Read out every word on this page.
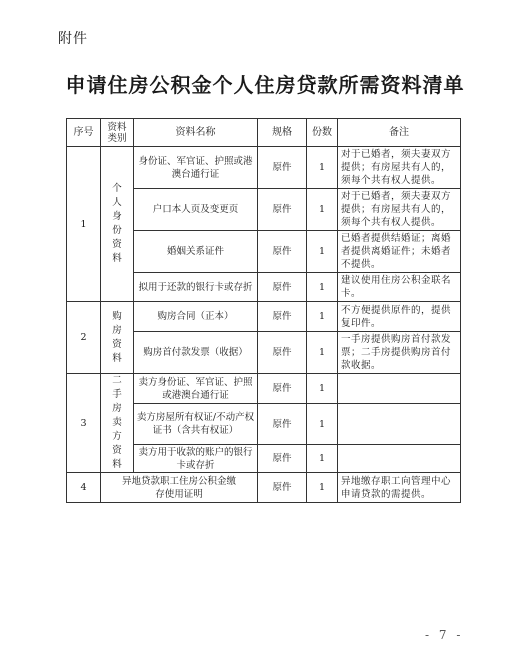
附件
申请住房公积金个人住房贷款所需资料清单
序号	资料类别	资料名称	规格	份数	备注
1	个人身份资料	身份证、军官证、护照或港澳台通行证	原件	1	对于已婚者，须夫妻双方提供；有房屋共有人的，须每个共有权人提供。
		户口本人页及变更页	原件	1	对于已婚者，须夫妻双方提供；有房屋共有人的，须每个共有权人提供。
		婚姻关系证件	原件	1	已婚者提供结婚证；离婚者提供离婚证件；未婚者不提供。
		拟用于还款的银行卡或存折	原件	1	建议使用住房公积金联名卡。
2	购房资料	购房合同（正本）	原件	1	不方便提供原件的，提供复印件。
		购房首付款发票（收据）	原件	1	一手房提供购房首付款发票；二手房提供购房首付款收据。
3	二手房卖方资料	卖方身份证、军官证、护照或港澳台通行证	原件	1	
		卖方房屋所有权证/不动产权证书（含共有权证）	原件	1	
		卖方用于收款的账户的银行卡或存折	原件	1	
4	异地贷款职工住房公积金缴存使用证明		原件	1	异地缴存职工向管理中心申请贷款的需提供。
- 7 -
